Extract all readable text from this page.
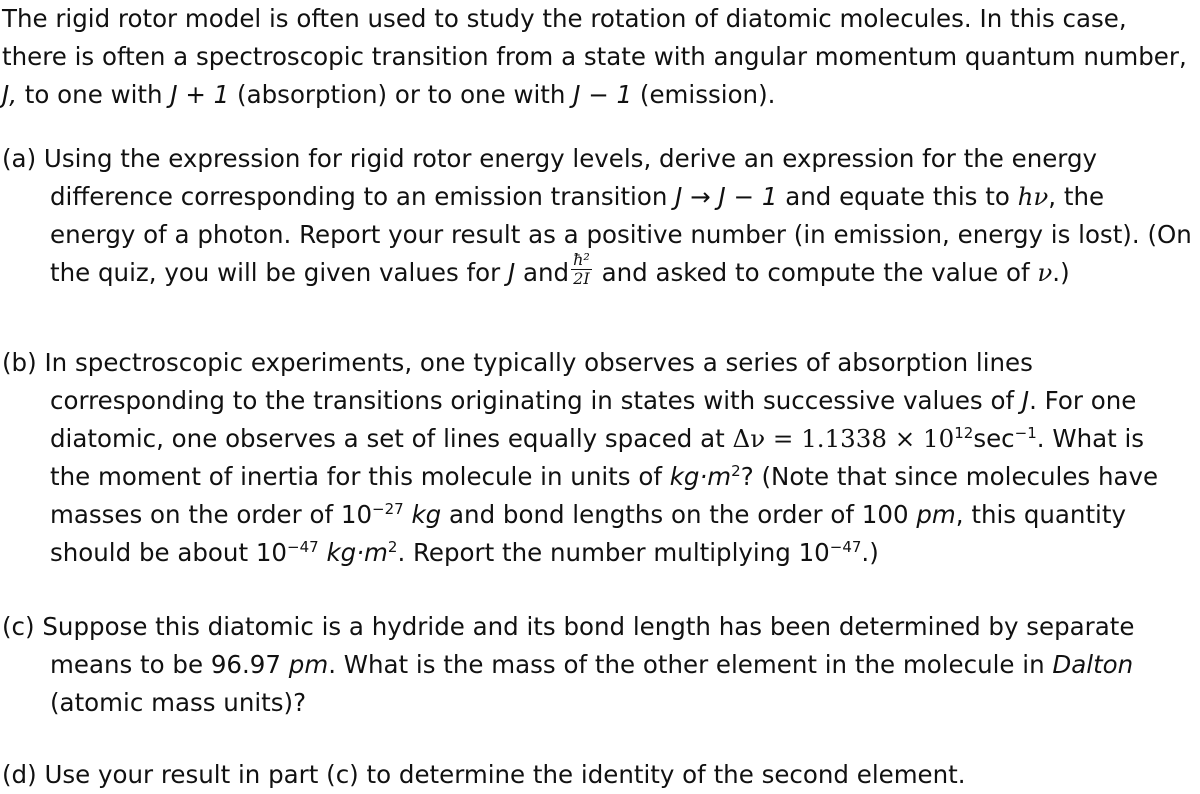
The rigid rotor model is often used to study the rotation of diatomic molecules. In this case, there is often a spectroscopic transition from a state with angular momentum quantum number, J, to one with J + 1 (absorption) or to one with J − 1 (emission).

(a) Using the expression for rigid rotor energy levels, derive an expression for the energy difference corresponding to an emission transition J → J − 1 and equate this to hν, the energy of a photon. Report your result as a positive number (in emission, energy is lost). (On the quiz, you will be given values for J and $\frac{\text{ħ²}}{2I}$ and asked to compute the value of ν.)

(b) In spectroscopic experiments, one typically observes a series of absorption lines corresponding to the transitions originating in states with successive values of J. For one diatomic, one observes a set of lines equally spaced at $\Delta\nu = 1.1338 \times 10^{12}\sec^{-1}$. What is the moment of inertia for this molecule in units of $kg\cdot m^2$? (Note that since molecules have masses on the order of $10^{-27}$ kg and bond lengths on the order of 100 pm, this quantity should be about $10^{-47}$ $kg\cdot m^2$. Report the number multiplying $10^{-47}$.)

(c) Suppose this diatomic is a hydride and its bond length has been determined by separate means to be 96.97 pm. What is the mass of the other element in the molecule in Dalton (atomic mass units)?

(d) Use your result in part (c) to determine the identity of the second element.
